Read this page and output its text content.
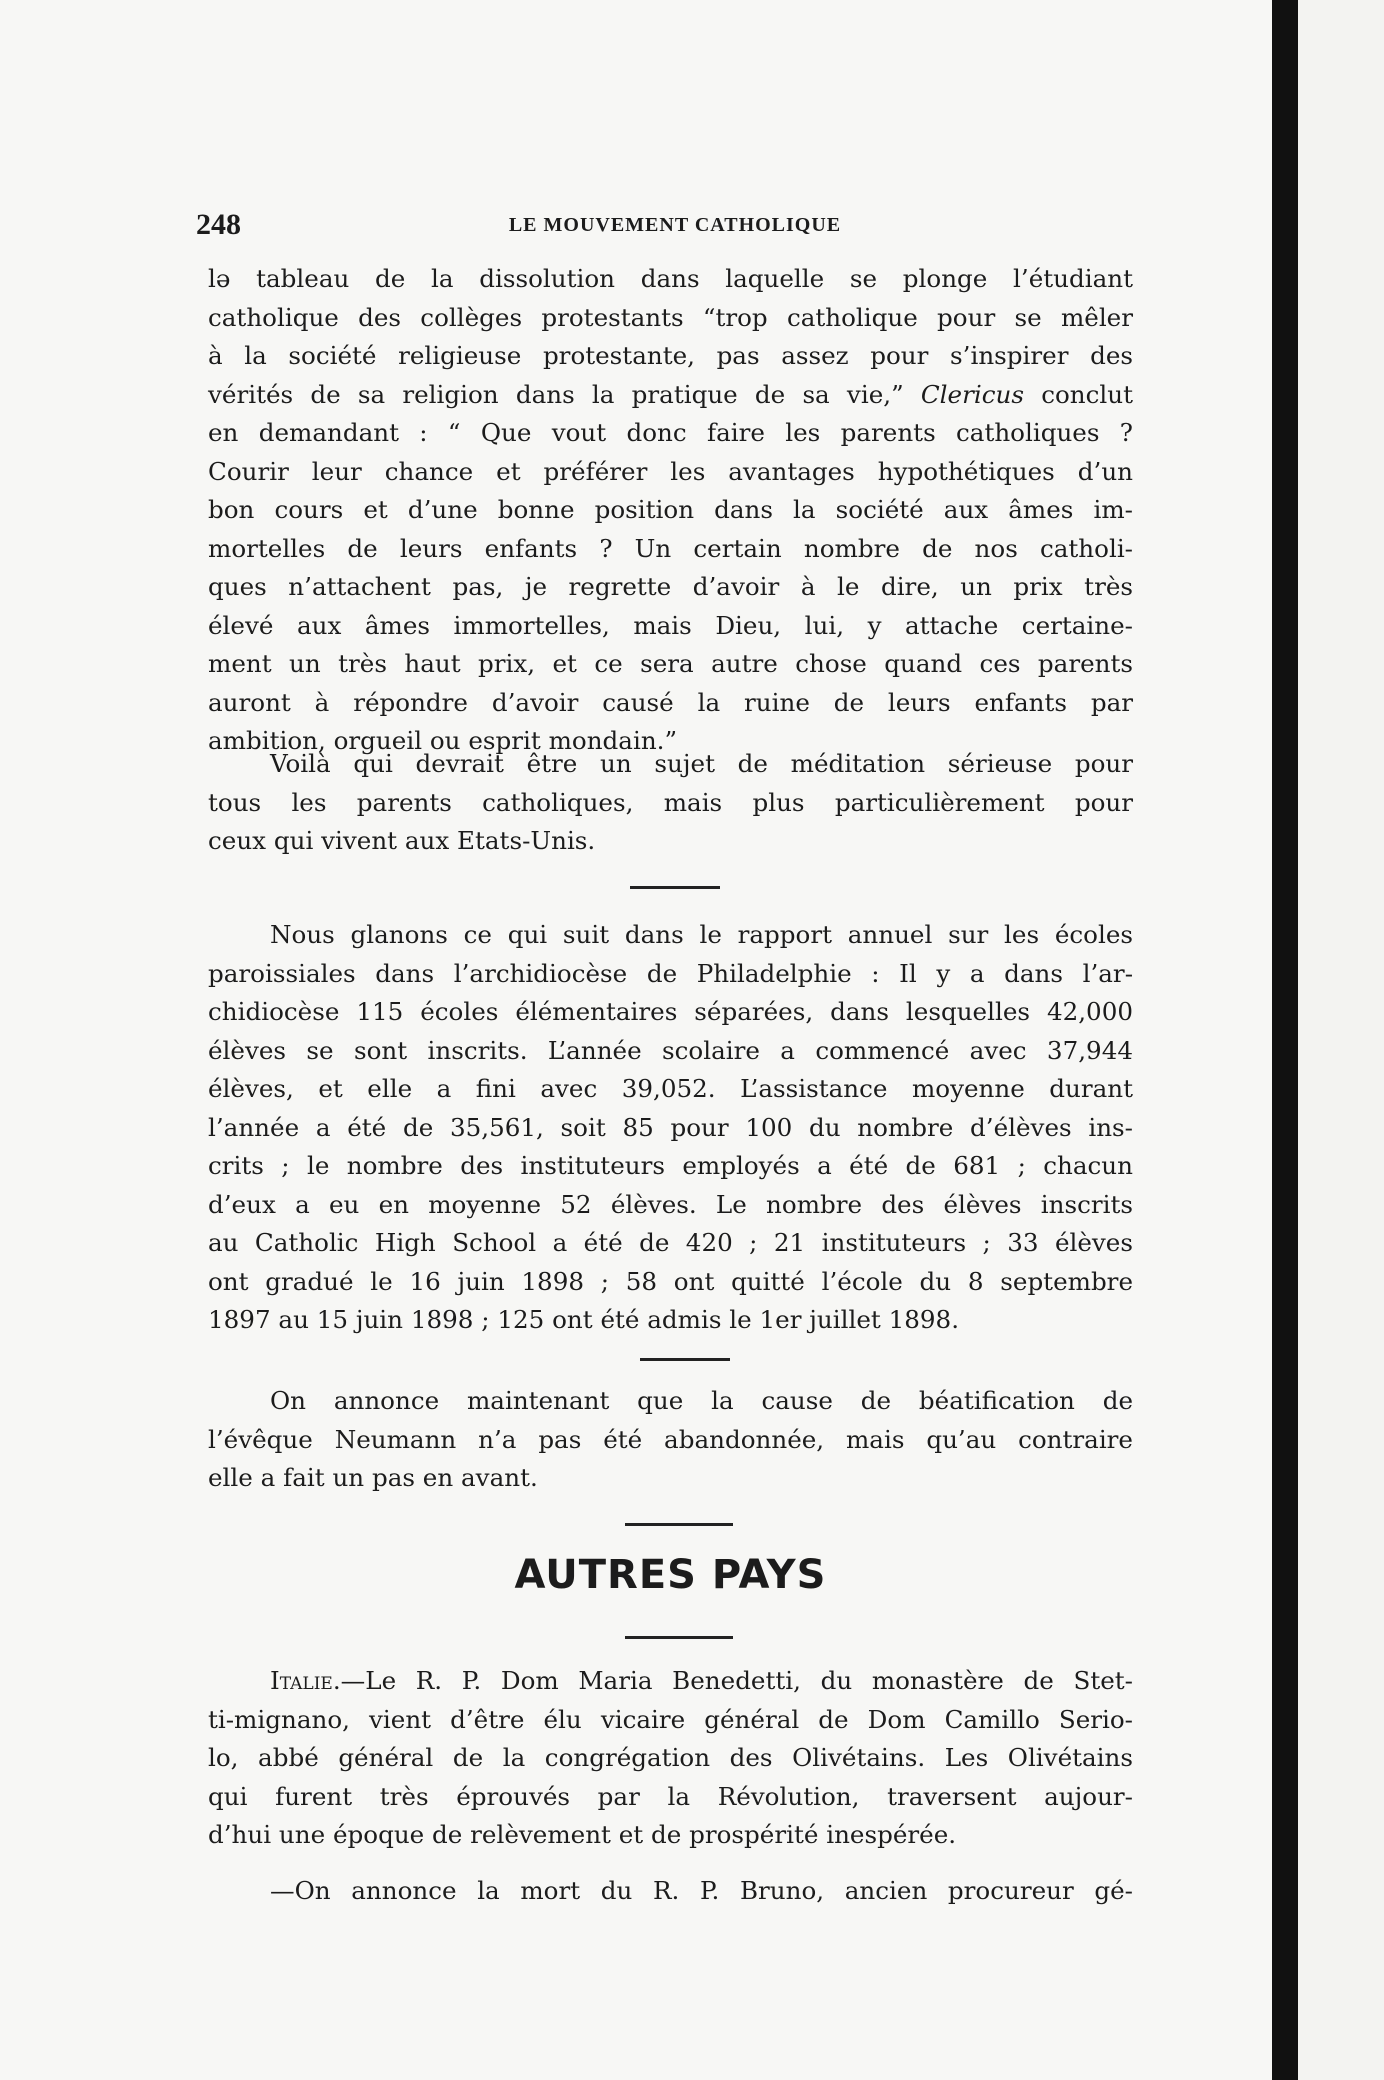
248	LE MOUVEMENT CATHOLIQUE
lə tableau de la dissolution dans laquelle se plonge l’étudiant
catholique des collèges protestants “trop catholique pour se mêler
à la société religieuse protestante, pas assez pour s’inspirer des
vérités de sa religion dans la pratique de sa vie,” Clericus conclut
en demandant : “ Que vout donc faire les parents catholiques ?
Courir leur chance et préférer les avantages hypothétiques d’un
bon cours et d’une bonne position dans la société aux âmes im-
mortelles de leurs enfants ? Un certain nombre de nos catholi-
ques n’attachent pas, je regrette d’avoir à le dire, un prix très
élevé aux âmes immortelles, mais Dieu, lui, y attache certaine-
ment un très haut prix, et ce sera autre chose quand ces parents
auront à répondre d’avoir causé la ruine de leurs enfants par
ambition, orgueil ou esprit mondain.”
Voilà qui devrait être un sujet de méditation sérieuse pour
tous les parents catholiques, mais plus particulièrement pour
ceux qui vivent aux Etats-Unis.
Nous glanons ce qui suit dans le rapport annuel sur les écoles
paroissiales dans l’archidiocèse de Philadelphie : Il y a dans l’ar-
chidiocèse 115 écoles élémentaires séparées, dans lesquelles 42,000
élèves se sont inscrits. L’année scolaire a commencé avec 37,944
élèves, et elle a fini avec 39,052. L’assistance moyenne durant
l’année a été de 35,561, soit 85 pour 100 du nombre d’élèves ins-
crits ; le nombre des instituteurs employés a été de 681 ; chacun
d’eux a eu en moyenne 52 élèves. Le nombre des élèves inscrits
au Catholic High School a été de 420 ; 21 instituteurs ; 33 élèves
ont gradué le 16 juin 1898 ; 58 ont quitté l’école du 8 septembre
1897 au 15 juin 1898 ; 125 ont été admis le 1er juillet 1898.
On annonce maintenant que la cause de béatification de
l’évêque Neumann n’a pas été abandonnée, mais qu’au contraire
elle a fait un pas en avant.
AUTRES PAYS
Italie.—Le R. P. Dom Maria Benedetti, du monastère de Stet-
ti-mignano, vient d’être élu vicaire général de Dom Camillo Serio-
lo, abbé général de la congrégation des Olivétains. Les Olivétains
qui furent très éprouvés par la Révolution, traversent aujour-
d’hui une époque de relèvement et de prospérité inespérée.
—On annonce la mort du R. P. Bruno, ancien procureur gé-
